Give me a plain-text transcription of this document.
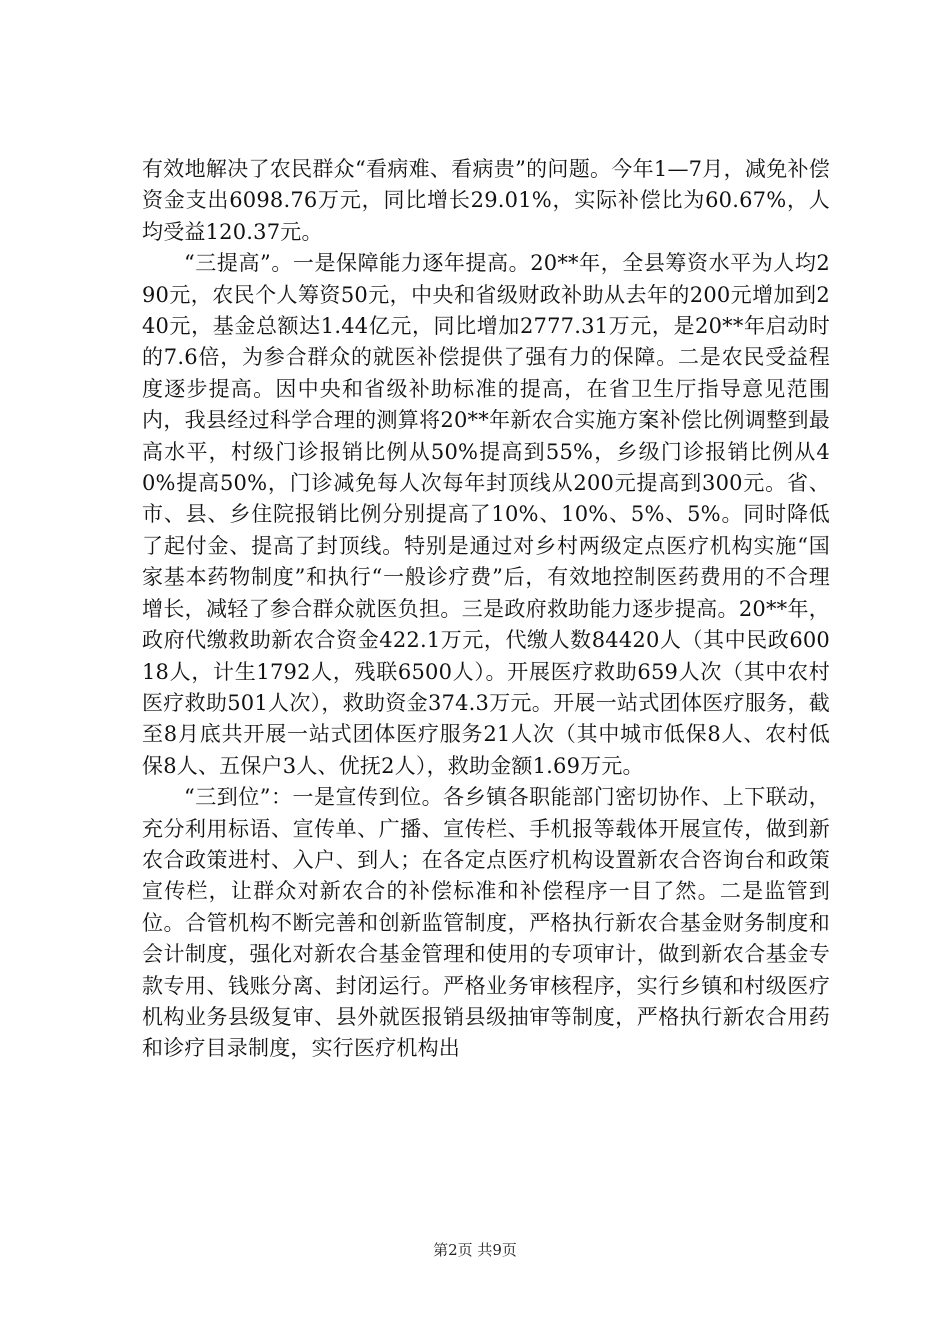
有效地解决了农民群众“看病难、看病贵”的问题。今年1—7月，减免补偿资金支出6098.76万元，同比增长29.01%，实际补偿比为60.67%，人均受益120.37元。

“三提高”。一是保障能力逐年提高。20**年，全县筹资水平为人均290元，农民个人筹资50元，中央和省级财政补助从去年的200元增加到240元，基金总额达1.44亿元，同比增加2777.31万元，是20**年启动时的7.6倍，为参合群众的就医补偿提供了强有力的保障。二是农民受益程度逐步提高。因中央和省级补助标准的提高，在省卫生厅指导意见范围内，我县经过科学合理的测算将20**年新农合实施方案补偿比例调整到最高水平，村级门诊报销比例从50%提高到55%，乡级门诊报销比例从40%提高50%，门诊减免每人次每年封顶线从200元提高到300元。省、市、县、乡住院报销比例分别提高了10%、10%、5%、5%。同时降低了起付金、提高了封顶线。特别是通过对乡村两级定点医疗机构实施“国家基本药物制度”和执行“一般诊疗费”后，有效地控制医药费用的不合理增长，减轻了参合群众就医负担。三是政府救助能力逐步提高。20**年，政府代缴救助新农合资金422.1万元，代缴人数84420人（其中民政60018人，计生1792人，残联6500人）。开展医疗救助659人次（其中农村医疗救助501人次），救助资金374.3万元。开展一站式团体医疗服务，截至8月底共开展一站式团体医疗服务21人次（其中城市低保8人、农村低保8人、五保户3人、优抚2人），救助金额1.69万元。

“三到位”：一是宣传到位。各乡镇各职能部门密切协作、上下联动，充分利用标语、宣传单、广播、宣传栏、手机报等载体开展宣传，做到新农合政策进村、入户、到人；在各定点医疗机构设置新农合咨询台和政策宣传栏，让群众对新农合的补偿标准和补偿程序一目了然。二是监管到位。合管机构不断完善和创新监管制度，严格执行新农合基金财务制度和会计制度，强化对新农合基金管理和使用的专项审计，做到新农合基金专款专用、钱账分离、封闭运行。严格业务审核程序，实行乡镇和村级医疗机构业务县级复审、县外就医报销县级抽审等制度，严格执行新农合用药和诊疗目录制度，实行医疗机构出

第2页 共9页
